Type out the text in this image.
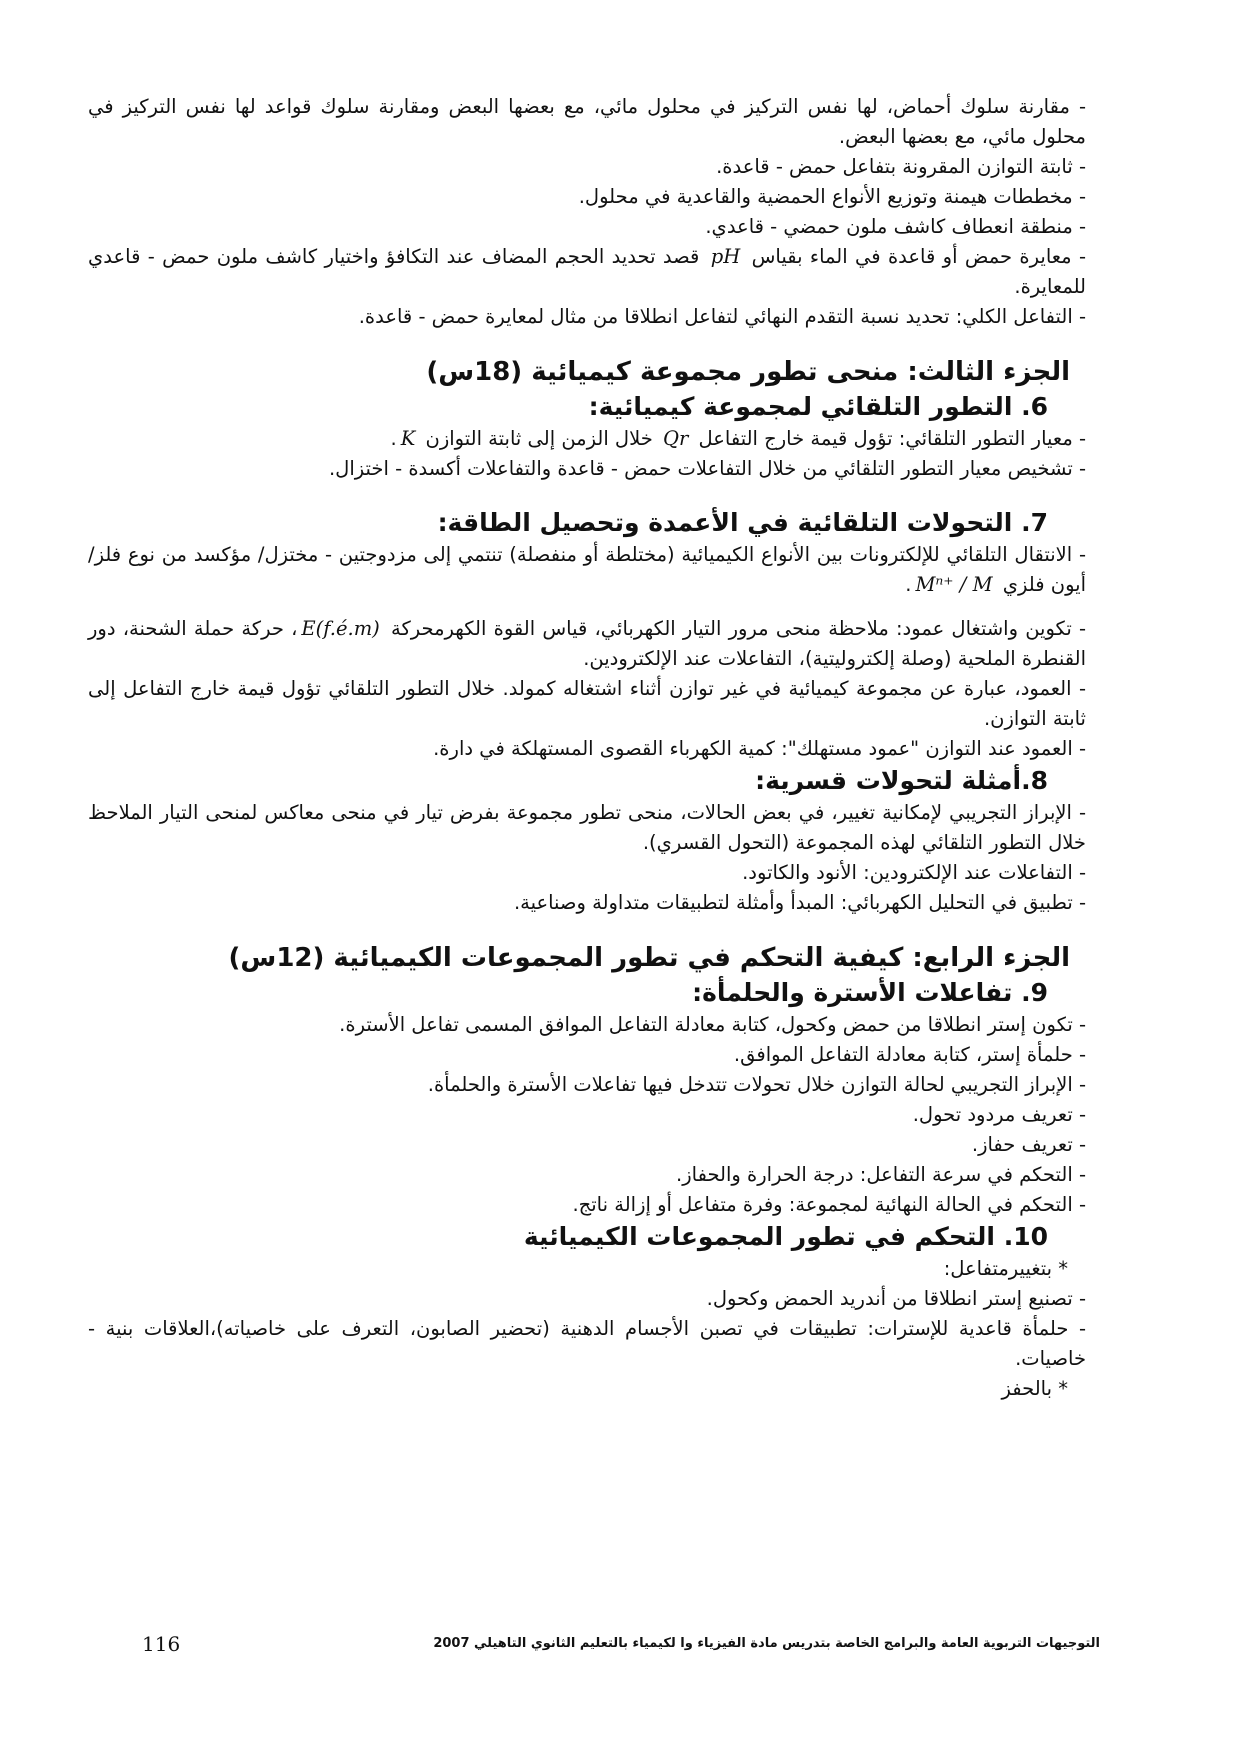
- مقارنة سلوك أحماض، لها نفس التركيز في محلول مائي، مع بعضها البعض ومقارنة سلوك قواعد لها نفس التركيز في محلول مائي، مع بعضها البعض.

- ثابتة التوازن المقرونة بتفاعل حمض - قاعدة.

- مخططات هيمنة وتوزيع الأنواع الحمضية والقاعدية في محلول.

- منطقة انعطاف كاشف ملون حمضي - قاعدي.

- معايرة حمض أو قاعدة في الماء بقياس pH قصد تحديد الحجم المضاف عند التكافؤ واختيار كاشف ملون حمض - قاعدي للمعايرة.

- التفاعل الكلي: تحديد نسبة التقدم النهائي لتفاعل انطلاقا من مثال لمعايرة حمض - قاعدة.

الجزء الثالث: منحى تطور مجموعة كيميائية (18س)
6. التطور التلقائي لمجموعة كيميائية:

- معيار التطور التلقائي: تؤول قيمة خارج التفاعل Qr خلال الزمن إلى ثابتة التوازن K.

- تشخيص معيار التطور التلقائي من خلال التفاعلات حمض - قاعدة والتفاعلات أكسدة - اختزال.

7. التحولات التلقائية في الأعمدة وتحصيل الطاقة:

- الانتقال التلقائي للإلكترونات بين الأنواع الكيميائية (مختلطة أو منفصلة) تنتمي إلى مزدوجتين - مختزل/ مؤكسد من نوع فلز/ أيون فلزي Mⁿ⁺ / M.

- تكوين واشتغال عمود: ملاحظة منحى مرور التيار الكهربائي، قياس القوة الكهرمحركة E(f.é.m)، حركة حملة الشحنة، دور القنطرة الملحية (وصلة إلكتروليتية)، التفاعلات عند الإلكترودين.

- العمود، عبارة عن مجموعة كيميائية في غير توازن أثناء اشتغاله كمولد. خلال التطور التلقائي تؤول قيمة خارج التفاعل إلى ثابتة التوازن.

- العمود عند التوازن "عمود مستهلك": كمية الكهرباء القصوى المستهلكة في دارة.

8.أمثلة لتحولات قسرية:

- الإبراز التجريبي لإمكانية تغيير، في بعض الحالات، منحى تطور مجموعة بفرض تيار في منحى معاكس لمنحى التيار الملاحظ خلال التطور التلقائي لهذه المجموعة (التحول القسري).

- التفاعلات عند الإلكترودين: الأنود والكاتود.

- تطبيق في التحليل الكهربائي: المبدأ وأمثلة لتطبيقات متداولة وصناعية.

الجزء الرابع: كيفية التحكم في تطور المجموعات الكيميائية (12س)
9. تفاعلات الأسترة والحلمأة:

- تكون إستر انطلاقا من حمض وكحول، كتابة معادلة التفاعل الموافق المسمى تفاعل الأسترة.

- حلمأة إستر، كتابة معادلة التفاعل الموافق.

- الإبراز التجريبي لحالة التوازن خلال تحولات تتدخل فيها تفاعلات الأسترة والحلمأة.

- تعريف مردود تحول.

- تعريف حفاز.

- التحكم في سرعة التفاعل: درجة الحرارة والحفاز.

- التحكم في الحالة النهائية لمجموعة: وفرة متفاعل أو إزالة ناتج.

10. التحكم في تطور المجموعات الكيميائية

* بتغييرمتفاعل:

- تصنيع إستر انطلاقا من أندريد الحمض وكحول.

- حلمأة قاعدية للإسترات: تطبيقات في تصبن الأجسام الدهنية (تحضير الصابون، التعرف على خاصياته)،العلاقات بنية - خاصيات.

* بالحفز

التوجيهات التربوية العامة والبرامج الخاصة بتدريس مادة الفيزياء وا لكيمياء بالتعليم الثانوي التاهيلي 2007
116
